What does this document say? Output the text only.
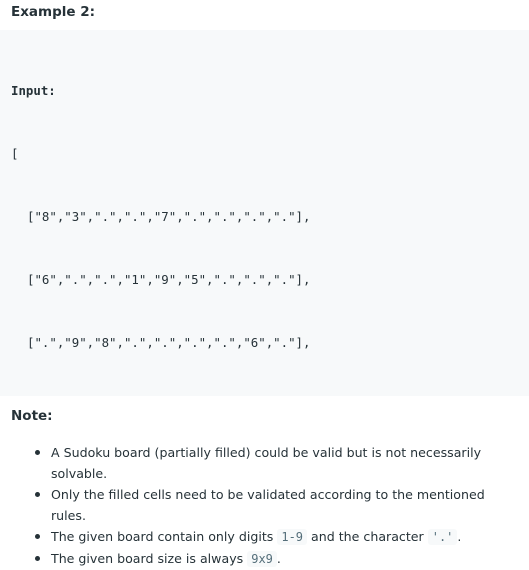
Example 2:

Input:

[

["8","3",".",".","7",".",".",".","."],

["6",".",".","1","9","5",".",".","."],

[".","9","8",".",".",".",".","6","."],

Note:
A Sudoku board (partially filled) could be valid but is not necessarily solvable.
Only the filled cells need to be validated according to the mentioned rules.
The given board contain only digits 1-9 and the character '.' .
The given board size is always 9x9 .
